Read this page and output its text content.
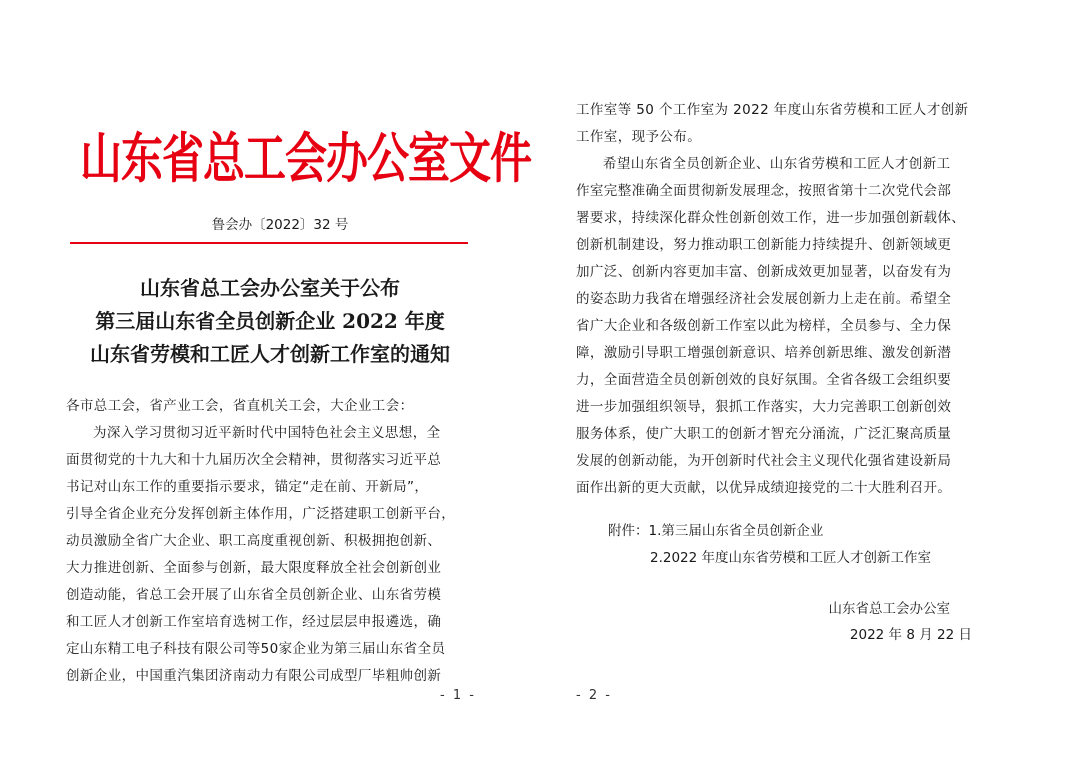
山东省总工会办公室文件
鲁会办〔2022〕32 号
山东省总工会办公室关于公布
第三届山东省全员创新企业 2022 年度
山东省劳模和工匠人才创新工作室的通知
各市总工会，省产业工会，省直机关工会，大企业工会：
为深入学习贯彻习近平新时代中国特色社会主义思想，全
面贯彻党的十九大和十九届历次全会精神，贯彻落实习近平总
书记对山东工作的重要指示要求，锚定“走在前、开新局”，
引导全省企业充分发挥创新主体作用，广泛搭建职工创新平台，
动员激励全省广大企业、职工高度重视创新、积极拥抱创新、
大力推进创新、全面参与创新，最大限度释放全社会创新创业
创造动能，省总工会开展了山东省全员创新企业、山东省劳模
和工匠人才创新工作室培育选树工作，经过层层申报遴选，确
定山东精工电子科技有限公司等50家企业为第三届山东省全员
创新企业，中国重汽集团济南动力有限公司成型厂毕粗帅创新
- 1 -
工作室等 50 个工作室为 2022 年度山东省劳模和工匠人才创新
工作室，现予公布。
希望山东省全员创新企业、山东省劳模和工匠人才创新工
作室完整准确全面贯彻新发展理念，按照省第十二次党代会部
署要求，持续深化群众性创新创效工作，进一步加强创新载体、
创新机制建设，努力推动职工创新能力持续提升、创新领域更
加广泛、创新内容更加丰富、创新成效更加显著，以奋发有为
的姿态助力我省在增强经济社会发展创新力上走在前。希望全
省广大企业和各级创新工作室以此为榜样，全员参与、全力保
障，激励引导职工增强创新意识、培养创新思维、激发创新潜
力，全面营造全员创新创效的良好氛围。全省各级工会组织要
进一步加强组织领导，狠抓工作落实，大力完善职工创新创效
服务体系，使广大职工的创新才智充分涌流，广泛汇聚高质量
发展的创新动能，为开创新时代社会主义现代化强省建设新局
面作出新的更大贡献，以优异成绩迎接党的二十大胜利召开。
附件：1.第三届山东省全员创新企业
2.2022 年度山东省劳模和工匠人才创新工作室
山东省总工会办公室
2022 年 8 月 22 日
- 2 -
